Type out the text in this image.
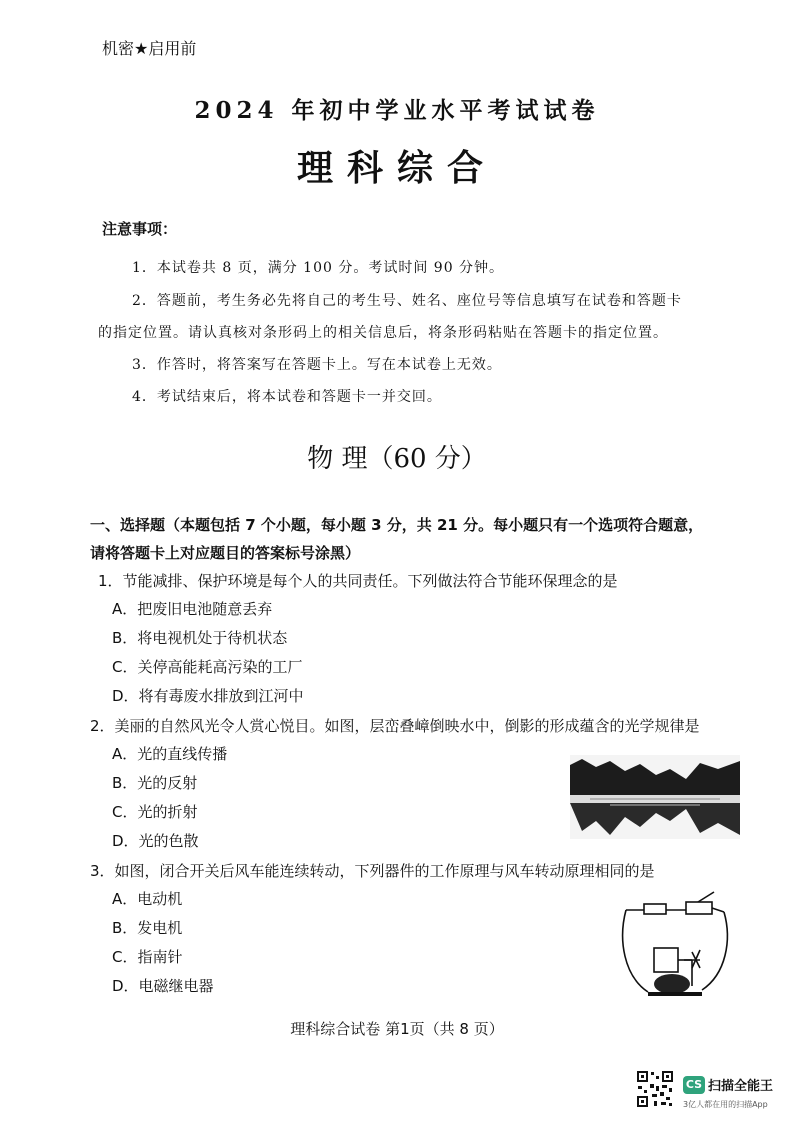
机密★启用前
2024 年初中学业水平考试试卷
理科综合
注意事项：
1．本试卷共 8 页，满分 100 分。考试时间 90 分钟。
2．答题前，考生务必先将自己的考生号、姓名、座位号等信息填写在试卷和答题卡
的指定位置。请认真核对条形码上的相关信息后，将条形码粘贴在答题卡的指定位置。
3．作答时，将答案写在答题卡上。写在本试卷上无效。
4．考试结束后，将本试卷和答题卡一并交回。
物 理（60 分）
一、选择题（本题包括 7 个小题，每小题 3 分，共 21 分。每小题只有一个选项符合题意，
请将答题卡上对应题目的答案标号涂黑）
1．节能减排、保护环境是每个人的共同责任。下列做法符合节能环保理念的是
A．把废旧电池随意丢弃
B．将电视机处于待机状态
C．关停高能耗高污染的工厂
D．将有毒废水排放到江河中
2．美丽的自然风光令人赏心悦目。如图，层峦叠嶂倒映水中，倒影的形成蕴含的光学规律是
A．光的直线传播
B．光的反射
C．光的折射
D．光的色散
3．如图，闭合开关后风车能连续转动，下列器件的工作原理与风车转动原理相同的是
A．电动机
B．发电机
C．指南针
D．电磁继电器
理科综合试卷 第1页（共 8 页）
CS 扫描全能王
3亿人都在用的扫描App
